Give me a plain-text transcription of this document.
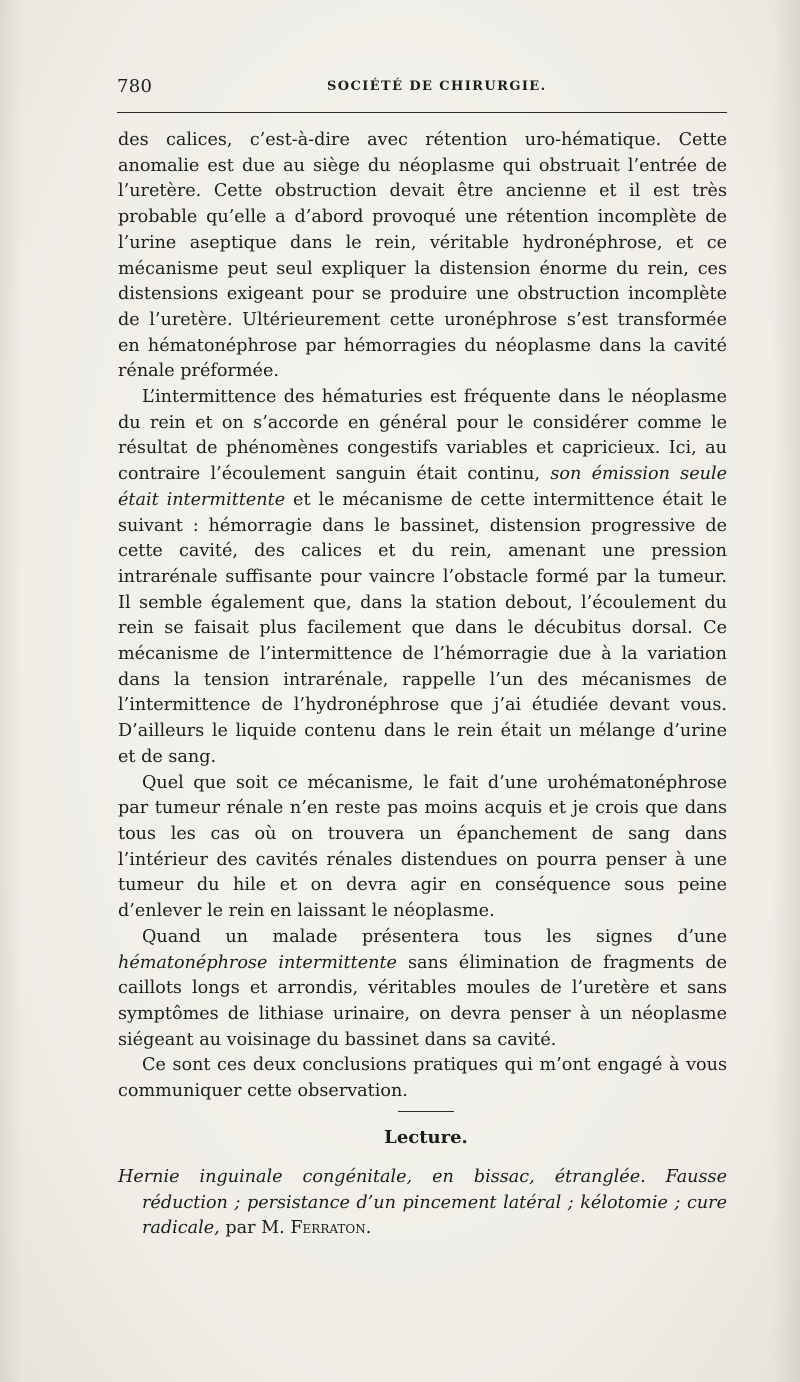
780	SOCIÉTÉ DE CHIRURGIE.

des calices, c’est-à-dire avec rétention uro-hématique. Cette anomalie est due au siège du néoplasme qui obstruait l’entrée de l’uretère. Cette obstruction devait être ancienne et il est très probable qu’elle a d’abord provoqué une rétention incomplète de l’urine aseptique dans le rein, véritable hydronéphrose, et ce mécanisme peut seul expliquer la distension énorme du rein, ces distensions exigeant pour se produire une obstruction incomplète de l’uretère. Ultérieurement cette uronéphrose s’est transformée en hématonéphrose par hémorragies du néoplasme dans la cavité rénale préformée.

L’intermittence des hématuries est fréquente dans le néoplasme du rein et on s’accorde en général pour le considérer comme le résultat de phénomènes congestifs variables et capricieux. Ici, au contraire l’écoulement sanguin était continu, son émission seule était intermittente et le mécanisme de cette intermittence était le suivant : hémorragie dans le bassinet, distension progressive de cette cavité, des calices et du rein, amenant une pression intrarénale suffisante pour vaincre l’obstacle formé par la tumeur. Il semble également que, dans la station debout, l’écoulement du rein se faisait plus facilement que dans le décubitus dorsal. Ce mécanisme de l’intermittence de l’hémorragie due à la variation dans la tension intrarénale, rappelle l’un des mécanismes de l’intermittence de l’hydronéphrose que j’ai étudiée devant vous. D’ailleurs le liquide contenu dans le rein était un mélange d’urine et de sang.

Quel que soit ce mécanisme, le fait d’une urohématonéphrose par tumeur rénale n’en reste pas moins acquis et je crois que dans tous les cas où on trouvera un épanchement de sang dans l’intérieur des cavités rénales distendues on pourra penser à une tumeur du hile et on devra agir en conséquence sous peine d’enlever le rein en laissant le néoplasme.

Quand un malade présentera tous les signes d’une hématonéphrose intermittente sans élimination de fragments de caillots longs et arrondis, véritables moules de l’uretère et sans symptômes de lithiase urinaire, on devra penser à un néoplasme siégeant au voisinage du bassinet dans sa cavité.

Ce sont ces deux conclusions pratiques qui m’ont engagé à vous communiquer cette observation.

Lecture.
Hernie inguinale congénitale, en bissac, étranglée. Fausse réduction ; persistance d’un pincement latéral ; kélotomie ; cure radicale, par M. Ferraton.
